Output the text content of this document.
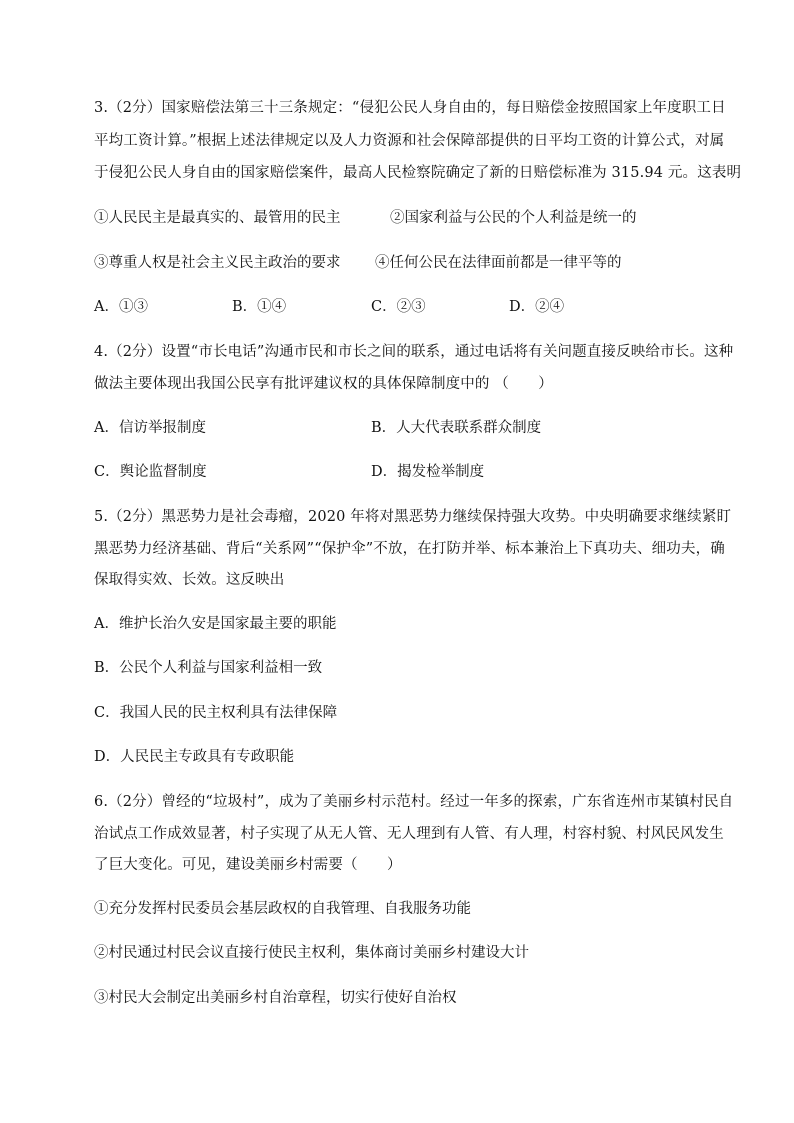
3.（2分）国家赔偿法第三十三条规定：“侵犯公民人身自由的，每日赔偿金按照国家上年度职工日
平均工资计算。”根据上述法律规定以及人力资源和社会保障部提供的日平均工资的计算公式，对属
于侵犯公民人身自由的国家赔偿案件，最高人民检察院确定了新的日赔偿标准为 315.94 元。这表明
①人民民主是最真实的、最管用的民主	②国家利益与公民的个人利益是统一的
③尊重人权是社会主义民主政治的要求 ④任何公民在法律面前都是一律平等的
A．①③	B．①④	C．②③	D．②④
4.（2分）设置“市长电话”沟通市民和市长之间的联系，通过电话将有关问题直接反映给市长。这种
做法主要体现出我国公民享有批评建议权的具体保障制度中的 （　　）
A．信访举报制度	B．人大代表联系群众制度
C．舆论监督制度	D．揭发检举制度
5.（2分）黑恶势力是社会毒瘤，2020 年将对黑恶势力继续保持强大攻势。中央明确要求继续紧盯
黑恶势力经济基础、背后“关系网”“保护伞”不放，在打防并举、标本兼治上下真功夫、细功夫，确
保取得实效、长效。这反映出
A．维护长治久安是国家最主要的职能
B．公民个人利益与国家利益相一致
C．我国人民的民主权利具有法律保障
D．人民民主专政具有专政职能
6.（2分）曾经的“垃圾村”，成为了美丽乡村示范村。经过一年多的探索，广东省连州市某镇村民自
治试点工作成效显著，村子实现了从无人管、无人理到有人管、有人理，村容村貌、村风民风发生
了巨大变化。可见，建设美丽乡村需要（　　）
①充分发挥村民委员会基层政权的自我管理、自我服务功能
②村民通过村民会议直接行使民主权利，集体商讨美丽乡村建设大计
③村民大会制定出美丽乡村自治章程，切实行使好自治权
